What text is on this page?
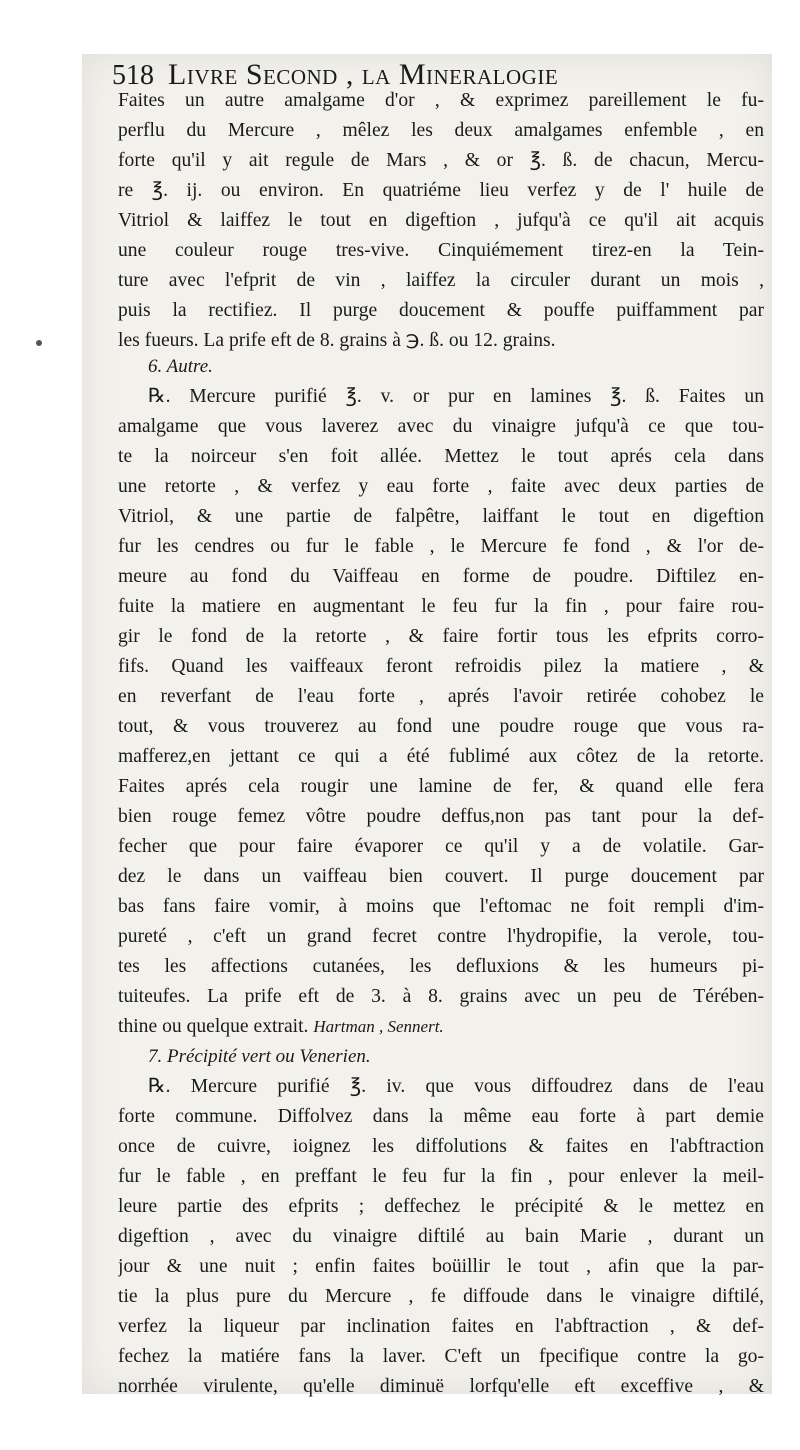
518 Livre Second , la Mineralogie
Faites un autre amalgame d'or , & exprimez pareillement le fu-
perflu du Mercure , mêlez les deux amalgames enfemble , en
forte qu'il y ait regule de Mars , & or ℥. ß. de chacun, Mercu-
re ℥. ij. ou environ. En quatriéme lieu verfez y de l' huile de
Vitriol & laiffez le tout en digeftion , jufqu'à ce qu'il ait acquis
une couleur rouge tres-vive. Cinquiémement tirez-en la Tein-
ture avec l'efprit de vin , laiffez la circuler durant un mois ,
puis la rectifiez. Il purge doucement & pouffe puiffamment par
les fueurs. La prife eft de 8. grains à ℈. ß. ou 12. grains.
6. Autre.
℞. Mercure purifié ℥. v. or pur en lamines ℥. ß. Faites un
amalgame que vous laverez avec du vinaigre jufqu'à ce que tou-
te la noirceur s'en foit allée. Mettez le tout aprés cela dans
une retorte , & verfez y eau forte , faite avec deux parties de
Vitriol, & une partie de falpêtre, laiffant le tout en digeftion
fur les cendres ou fur le fable , le Mercure fe fond , & l'or de-
meure au fond du Vaiffeau en forme de poudre. Diftilez en-
fuite la matiere en augmentant le feu fur la fin , pour faire rou-
gir le fond de la retorte , & faire fortir tous les efprits corro-
fifs. Quand les vaiffeaux feront refroidis pilez la matiere , &
en reverfant de l'eau forte , aprés l'avoir retirée cohobez le
tout, & vous trouverez au fond une poudre rouge que vous ra-
mafferez,en jettant ce qui a été fublimé aux côtez de la retorte.
Faites aprés cela rougir une lamine de fer, & quand elle fera
bien rouge femez vôtre poudre deffus,non pas tant pour la def-
fecher que pour faire évaporer ce qu'il y a de volatile. Gar-
dez le dans un vaiffeau bien couvert. Il purge doucement par
bas fans faire vomir, à moins que l'eftomac ne foit rempli d'im-
pureté , c'eft un grand fecret contre l'hydropifie, la verole, tou-
tes les affections cutanées, les defluxions & les humeurs pi-
tuiteufes. La prife eft de 3. à 8. grains avec un peu de Térében-
thine ou quelque extrait. Hartman , Sennert.
7. Précipité vert ou Venerien.
℞. Mercure purifié ℥. iv. que vous diffoudrez dans de l'eau
forte commune. Diffolvez dans la même eau forte à part demie
once de cuivre, ioignez les diffolutions & faites en l'abftraction
fur le fable , en preffant le feu fur la fin , pour enlever la meil-
leure partie des efprits ; deffechez le précipité & le mettez en
digeftion , avec du vinaigre diftilé au bain Marie , durant un
jour & une nuit ; enfin faites boüillir le tout , afin que la par-
tie la plus pure du Mercure , fe diffoude dans le vinaigre diftilé,
verfez la liqueur par inclination faites en l'abftraction , & def-
fechez la matiére fans la laver. C'eft un fpecifique contre la go-
norrhée virulente, qu'elle diminuë lorfqu'elle eft exceffive , &
